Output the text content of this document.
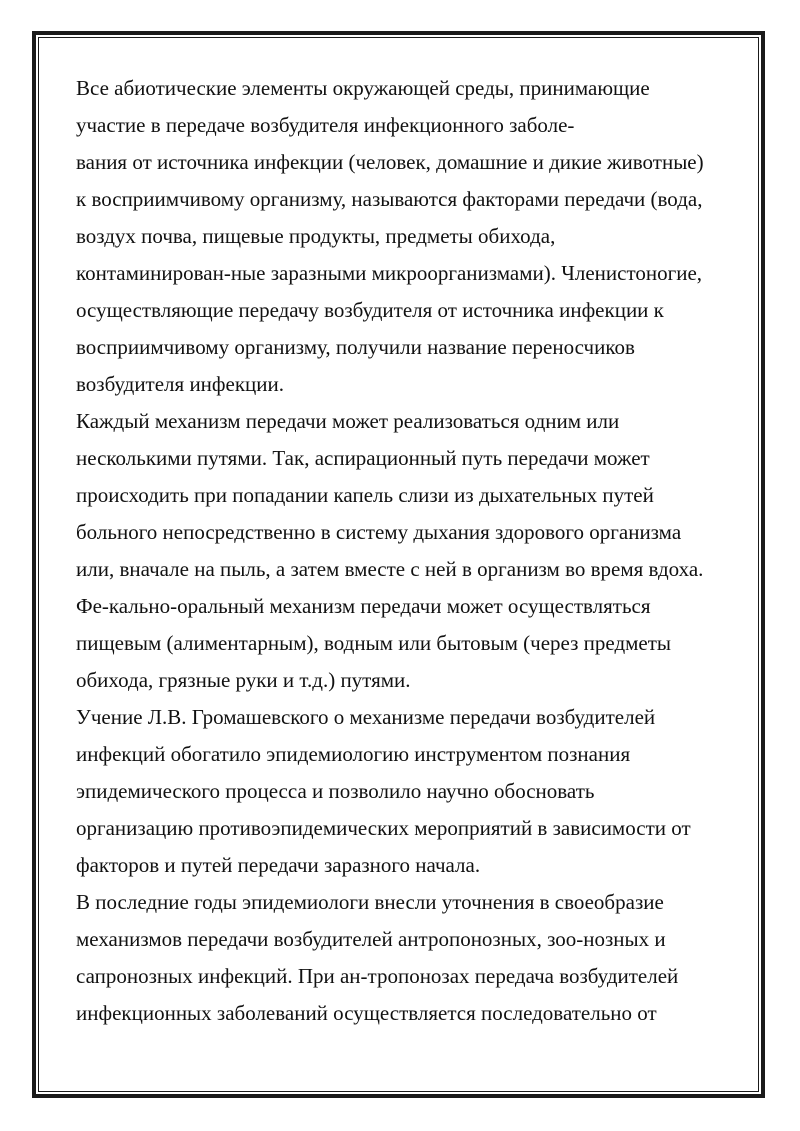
Все абиотические элементы окружающей среды, принимающие
участие в передаче возбудителя инфекционного заболе-
вания от источника инфекции (человек, домашние и дикие животные)
к восприимчивому организму, называются факторами передачи (вода,
воздух почва, пищевые продукты, предметы обихода,
контаминирован-ные заразными микроорганизмами). Членистоногие,
осуществляющие передачу возбудителя от источника инфекции к
восприимчивому организму, получили название переносчиков
возбудителя инфекции.
Каждый механизм передачи может реализоваться одним или
несколькими путями. Так, аспирационный путь передачи может
происходить при попадании капель слизи из дыхательных путей
больного непосредственно в систему дыхания здорового организма
или, вначале на пыль, а затем вместе с ней в организм во время вдоха.
Фе-кально-оральный механизм передачи может осуществляться
пищевым (алиментарным), водным или бытовым (через предметы
обихода, грязные руки и т.д.) путями.
Учение Л.В. Громашевского о механизме передачи возбудителей
инфекций обогатило эпидемиологию инструментом познания
эпидемического процесса и позволило научно обосновать
организацию противоэпидемических мероприятий в зависимости от
факторов и путей передачи заразного начала.
В последние годы эпидемиологи внесли уточнения в своеобразие
механизмов передачи возбудителей антропонозных, зоо-нозных и
сапронозных инфекций. При ан-тропонозах передача возбудителей
инфекционных заболеваний осуществляется последовательно от
